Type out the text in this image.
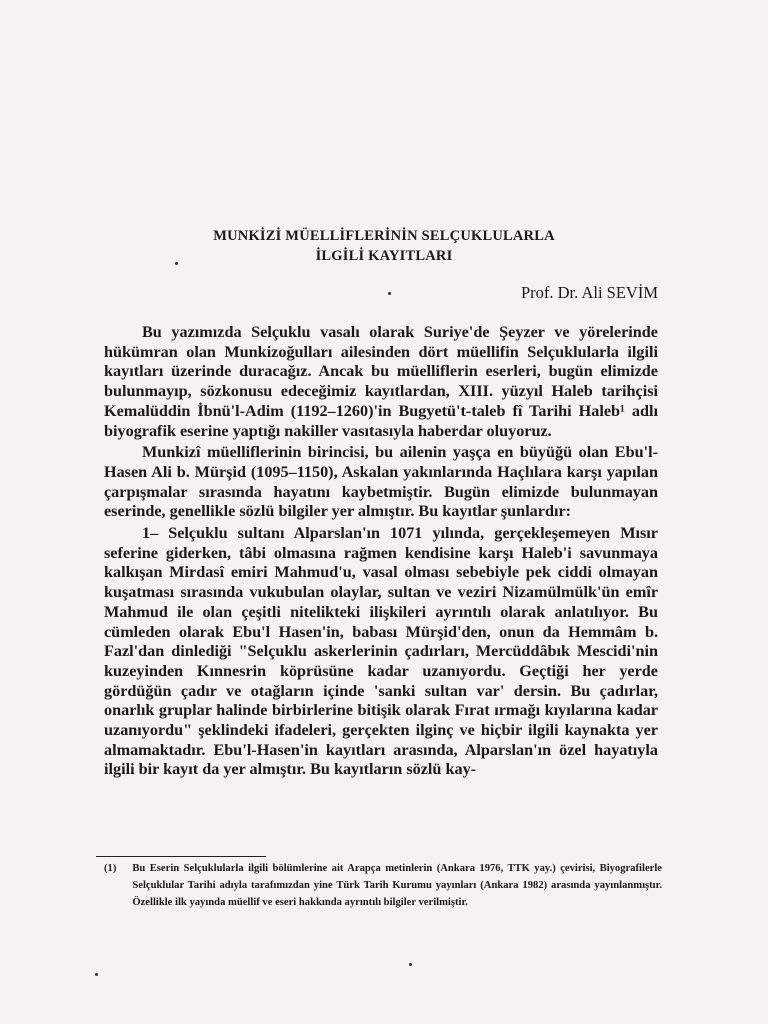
MUNKİZİ MÜELLİFLERİNİN SELÇUKLULARLA
İLGİLİ KAYITLARI
Prof. Dr. Ali SEVİM

Bu yazımızda Selçuklu vasalı olarak Suriye'de Şeyzer ve yörelerinde hükümran olan Munkizoğulları ailesinden dört müellifin Selçuklularla ilgili kayıtları üzerinde duracağız. Ancak bu müelliflerin eserleri, bugün elimizde bulunmayıp, sözkonusu edeceğimiz kayıtlardan, XIII. yüzyıl Haleb tarihçisi Kemalüddin İbnü'l-Adim (1192–1260)'in Bugyetü't-taleb fî Tarihi Haleb¹ adlı biyografik eserine yaptığı nakiller vasıtasıyla haberdar oluyoruz.

Munkizî müelliflerinin birincisi, bu ailenin yaşça en büyüğü olan Ebu'l-Hasen Ali b. Mürşid (1095–1150), Askalan yakınlarında Haçlılara karşı yapılan çarpışmalar sırasında hayatını kaybetmiştir. Bugün elimizde bulunmayan eserinde, genellikle sözlü bilgiler yer almıştır. Bu kayıtlar şunlardır:

1– Selçuklu sultanı Alparslan'ın 1071 yılında, gerçekleşemeyen Mısır seferine giderken, tâbi olmasına rağmen kendisine karşı Haleb'i savunmaya kalkışan Mirdasî emiri Mahmud'u, vasal olması sebebiyle pek ciddi olmayan kuşatması sırasında vukubulan olaylar, sultan ve veziri Nizamülmülk'ün emîr Mahmud ile olan çeşitli nitelikteki ilişkileri ayrıntılı olarak anlatılıyor. Bu cümleden olarak Ebu'l Hasen'in, babası Mürşid'den, onun da Hemmâm b. Fazl'dan dinlediği "Selçuklu askerlerinin çadırları, Mercüddâbık Mescidi'nin kuzeyinden Kınnesrin köprüsüne kadar uzanıyordu. Geçtiği her yerde gördüğün çadır ve otağların içinde 'sanki sultan var' dersin. Bu çadırlar, onarlık gruplar halinde birbirlerine bitişik olarak Fırat ırmağı kıyılarına kadar uzanıyordu" şeklindeki ifadeleri, gerçekten ilginç ve hiçbir ilgili kaynakta yer almamaktadır. Ebu'l-Hasen'in kayıtları arasında, Alparslan'ın özel hayatıyla ilgili bir kayıt da yer almıştır. Bu kayıtların sözlü kay-

(1) Bu Eserin Selçuklularla ilgili bölümlerine ait Arapça metinlerin (Ankara 1976, TTK yay.) çevirisi, Biyografilerle Selçuklular Tarihi adıyla tarafımızdan yine Türk Tarih Kurumu yayınları (Ankara 1982) arasında yayınlanmıştır. Özellikle ilk yayında müellif ve eseri hakkında ayrıntılı bilgiler verilmiştir.
